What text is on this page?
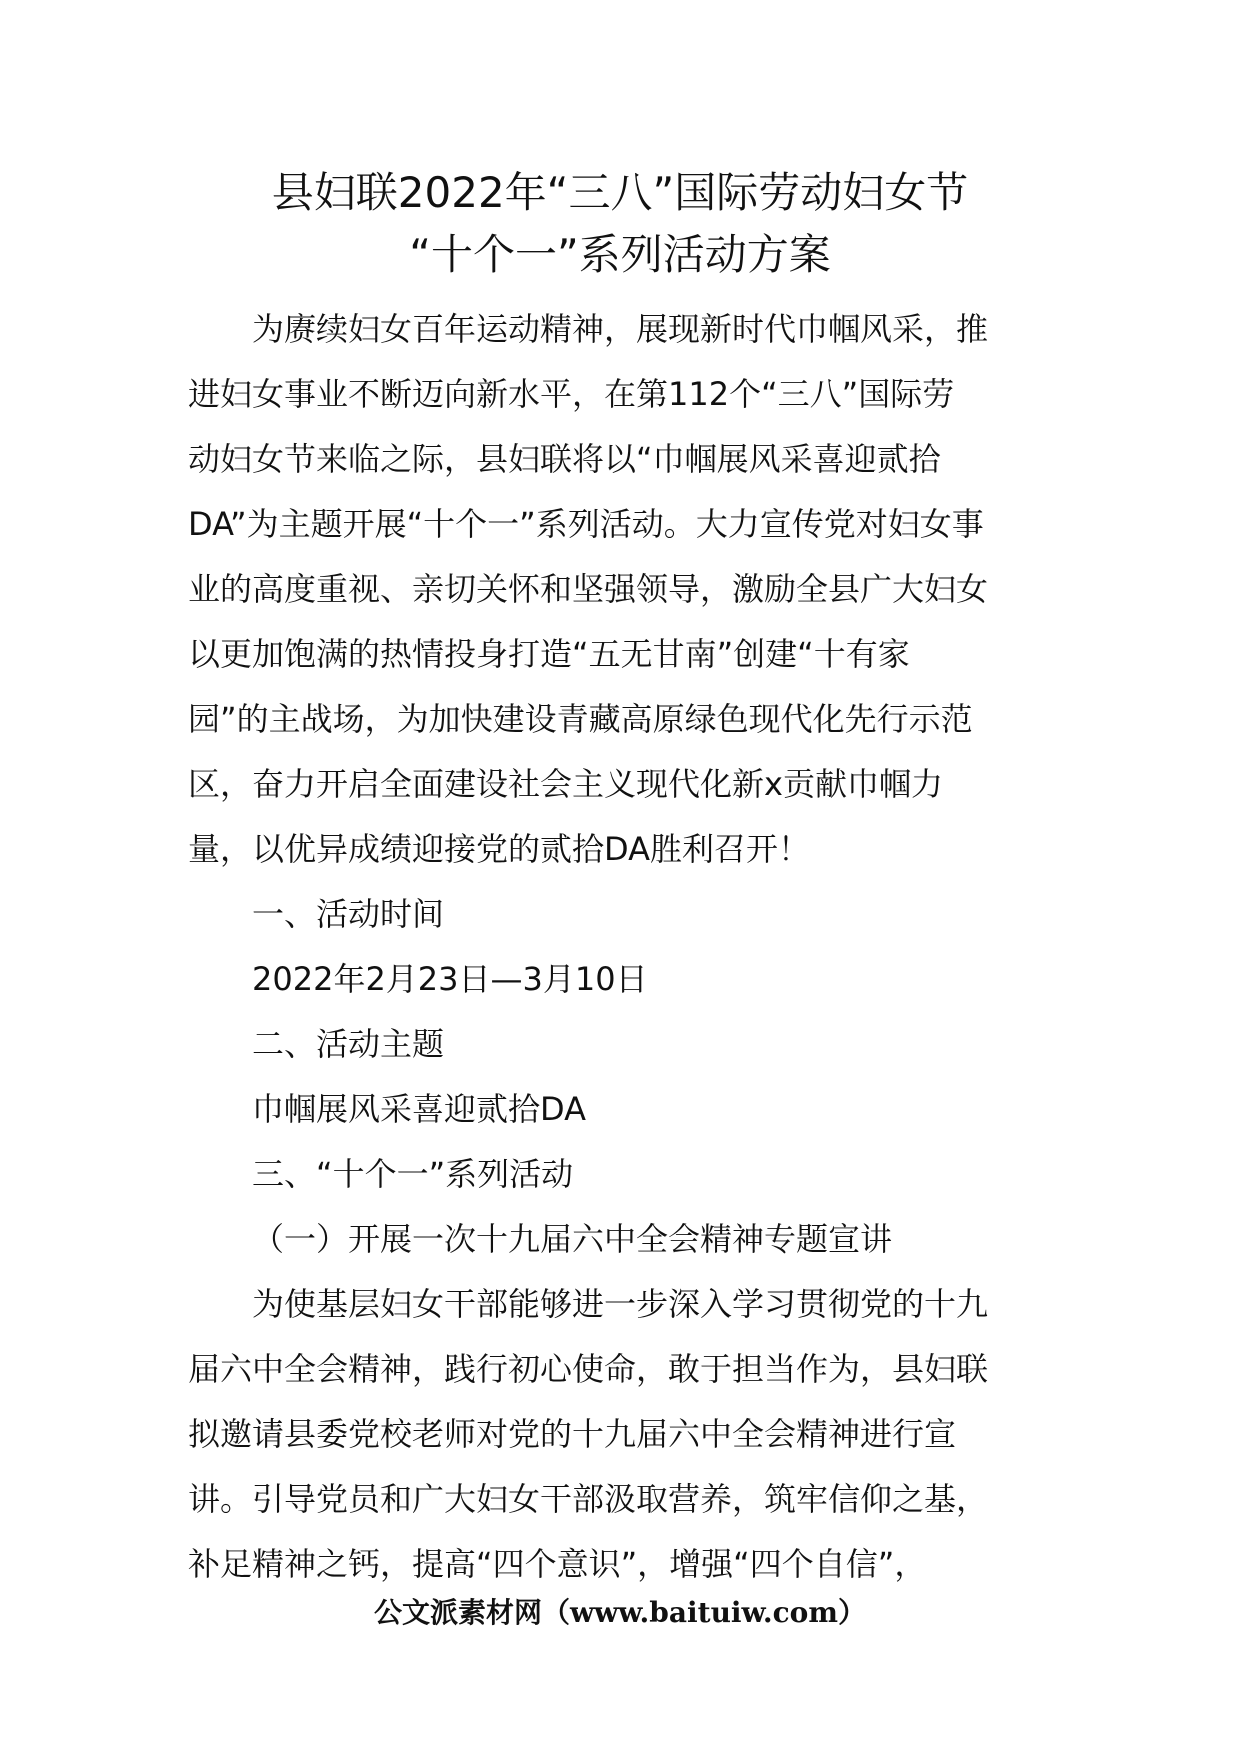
县妇联2022年“三八”国际劳动妇女节
“十个一”系列活动方案
为赓续妇女百年运动精神，展现新时代巾帼风采，推
进妇女事业不断迈向新水平，在第112个“三八”国际劳
动妇女节来临之际，县妇联将以“巾帼展风采喜迎贰拾
DA”为主题开展“十个一”系列活动。大力宣传党对妇女事
业的高度重视、亲切关怀和坚强领导，激励全县广大妇女
以更加饱满的热情投身打造“五无甘南”创建“十有家
园”的主战场，为加快建设青藏高原绿色现代化先行示范
区，奋力开启全面建设社会主义现代化新x贡献巾帼力
量，以优异成绩迎接党的贰拾DA胜利召开！
一、活动时间
2022年2月23日—3月10日
二、活动主题
巾帼展风采喜迎贰拾DA
三、“十个一”系列活动
（一）开展一次十九届六中全会精神专题宣讲
为使基层妇女干部能够进一步深入学习贯彻党的十九
届六中全会精神，践行初心使命，敢于担当作为，县妇联
拟邀请县委党校老师对党的十九届六中全会精神进行宣
讲。引导党员和广大妇女干部汲取营养，筑牢信仰之基，
补足精神之钙，提高“四个意识”，增强“四个自信”，
公文派素材网（www.baituiw.com）
